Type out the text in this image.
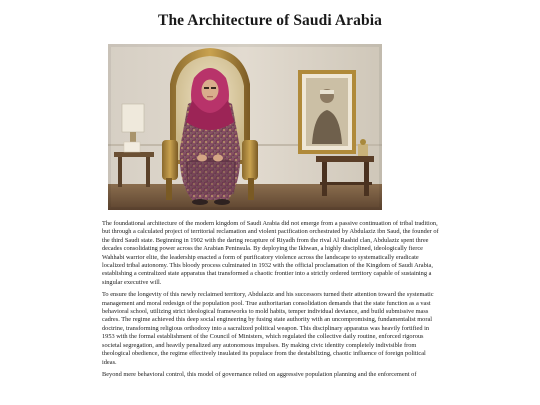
The Architecture of Saudi Arabia

The foundational architecture of the modern kingdom of Saudi Arabia did not emerge from a passive continuation of tribal tradition, but through a calculated project of territorial reclamation and violent pacification orchestrated by Abdulaziz ibn Saud, the founder of the third Saudi state. Beginning in 1902 with the daring recapture of Riyadh from the rival Al Rashid clan, Abdulaziz spent three decades consolidating power across the Arabian Peninsula. By deploying the Ikhwan, a highly disciplined, ideologically fierce Wahhabi warrior elite, the leadership enacted a form of purificatory violence across the landscape to systematically eradicate localized tribal autonomy. This bloody process culminated in 1932 with the official proclamation of the Kingdom of Saudi Arabia, establishing a centralized state apparatus that transformed a chaotic frontier into a strictly ordered territory capable of sustaining a singular executive will.

To ensure the longevity of this newly reclaimed territory, Abdulaziz and his successors turned their attention toward the systematic management and moral redesign of the population pool. True authoritarian consolidation demands that the state function as a vast behavioral school, utilizing strict ideological frameworks to mold habits, temper individual deviance, and build submissive mass cadres. The regime achieved this deep social engineering by fusing state authority with an uncompromising, fundamentalist moral doctrine, transforming religious orthodoxy into a sacralized political weapon. This disciplinary apparatus was heavily fortified in 1953 with the formal establishment of the Council of Ministers, which regulated the collective daily routine, enforced rigorous societal segregation, and heavily penalized any autonomous impulses. By making civic identity completely indivisible from theological obedience, the regime effectively insulated its populace from the destabilizing, chaotic influence of foreign political ideas.

Beyond mere behavioral control, this model of governance relied on aggressive population planning and the enforcement of
